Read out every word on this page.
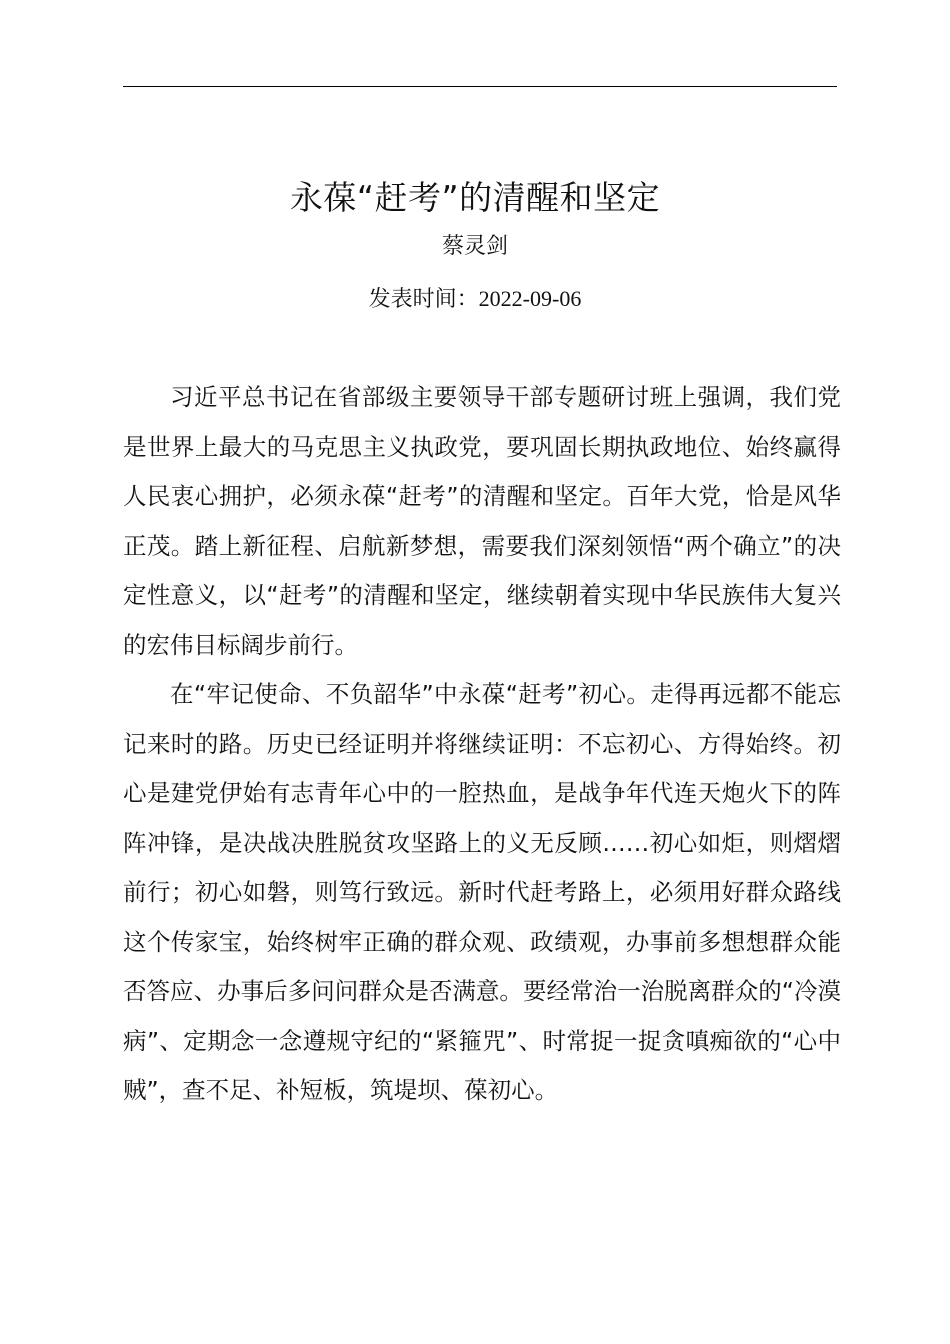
永葆“赶考”的清醒和坚定
蔡灵剑
发表时间：2022-09-06

习近平总书记在省部级主要领导干部专题研讨班上强调，我们党是世界上最大的马克思主义执政党，要巩固长期执政地位、始终赢得人民衷心拥护，必须永葆“赶考”的清醒和坚定。百年大党，恰是风华正茂。踏上新征程、启航新梦想，需要我们深刻领悟“两个确立”的决定性意义，以“赶考”的清醒和坚定，继续朝着实现中华民族伟大复兴的宏伟目标阔步前行。

在“牢记使命、不负韶华”中永葆“赶考”初心。走得再远都不能忘记来时的路。历史已经证明并将继续证明：不忘初心、方得始终。初心是建党伊始有志青年心中的一腔热血，是战争年代连天炮火下的阵阵冲锋，是决战决胜脱贫攻坚路上的义无反顾……初心如炬，则熠熠前行；初心如磐，则笃行致远。新时代赶考路上，必须用好群众路线这个传家宝，始终树牢正确的群众观、政绩观，办事前多想想群众能否答应、办事后多问问群众是否满意。要经常治一治脱离群众的“冷漠病”、定期念一念遵规守纪的“紧箍咒”、时常捉一捉贪嗔痴欲的“心中贼”，查不足、补短板，筑堤坝、葆初心。
